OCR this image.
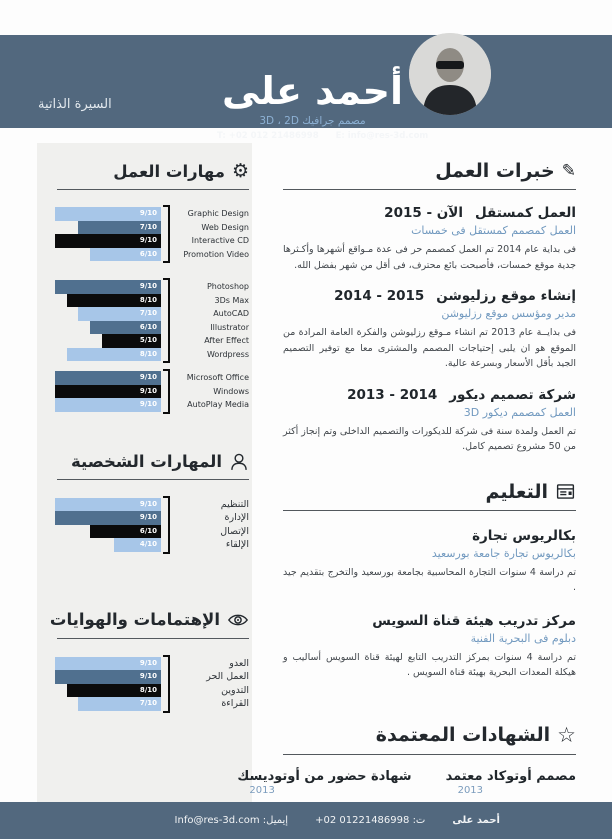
السيرة الذاتية	أحمد على
مصمم جرافيك 3D ، 2D
T: +02 012 21486998 E: info@res-3d.com
⚙
مهارات العمل
9/10
7/10
9/10
6/10
Graphic Design
Web Design
Interactive CD
Promotion Video
9/10
8/10
7/10
6/10
5/10
8/10
Photoshop
3Ds Max
AutoCAD
Illustrator
After Effect
Wordpress
9/10
9/10
9/10
Microsoft Office
Windows
AutoPlay Media
المهارات الشخصية
9/10
9/10
6/10
4/10
التنظيم
الإدارة
الإتصال
الإلقاء
الإهتمامات والهوايات
9/10
9/10
8/10
7/10
العدو
العمل الحر
التدوين
القراءة
✎
خبرات العمل
العمل كمستقل
2015 - الآن
العمل كمصمم كمستقل فى خمسات
فى بداية عام 2014 تم العمل كمصمم حر فى عدة مـواقع أشهرها وأكـثرها جدية موقع خمسات، فأصبحت بائع محترف، فى أقل من شهر بفضل الله.
إنشاء موقع رزليوشن
2014 - 2015
مدير ومؤسس موقع رزليوشن
فى بدايــة عام 2013 تم انشاء مـوقع رزليوشن والفكرة العامة المرادة من الموقع هو ان يلبى إحتياجات المصمم والمشترى معا مع توفير التصميم الجيد بأقل الأسعار وبسرعة عالية.
شركة تصميم ديكور
2013 - 2014
العمل كمصمم ديكور 3D
تم العمل ولمدة سنة فى شركة للديكورات والتصميم الداخلى وتم إنجاز أكثر من 50 مشروع تصميم كامل.
التعليم
بكالريوس تجارة
بكالريوس تجارة جامعة بورسعيد
تم دراسة 4 سنوات التجارة المحاسبية بجامعة بورسعيد والتخرج بتقديم جيد .
مركز تدريب هيئة قناة السويس
دبلوم فى البحرية الفنية
تم دراسة 4 سنوات بمركز التدريب التابع لهيئة قناة السويس أساليب و هيكلة المعدات البحرية بهيئة قناة السويس .
☆
الشهادات المعتمدة
مصمم أوتوكاد معتمد
2013
شهادة حضور من أوتوديسك
2013
أحمد على
ت: +02 01221486998
إيميل: Info@res-3d.com
